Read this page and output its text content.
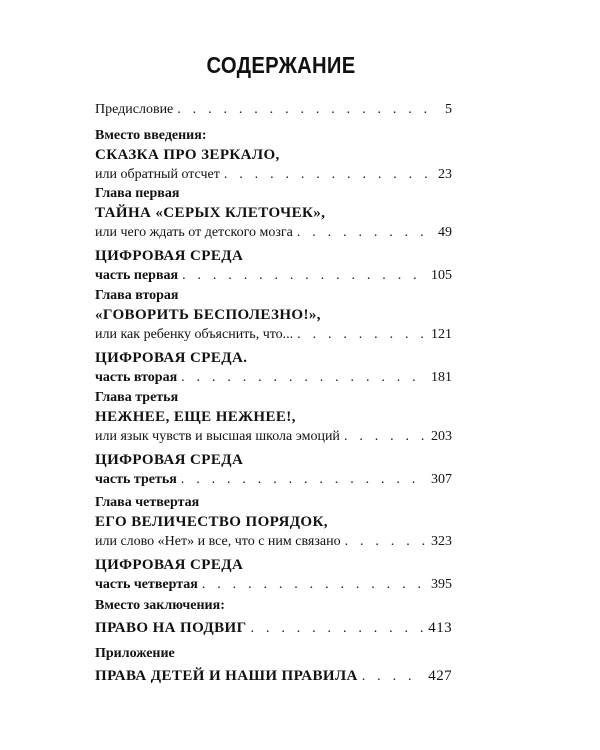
СОДЕРЖАНИЕ
Предисловие . . .	5
Вместо введения:
СКАЗКА ПРО ЗЕРКАЛО,
или обратный отсчет . . .	23
Глава первая
ТАЙНА «СЕРЫХ КЛЕТОЧЕК»,
или чего ждать от детского мозга . . .	49
ЦИФРОВАЯ СРЕДА
часть первая . . .	105
Глава вторая
«ГОВОРИТЬ БЕСПОЛЕЗНО!»,
или как ребенку объяснить, что... . . .	121
ЦИФРОВАЯ СРЕДА.
часть вторая . . .	181
Глава третья
НЕЖНЕЕ, ЕЩЕ НЕЖНЕЕ!,
или язык чувств и высшая школа эмоций . . .	203
ЦИФРОВАЯ СРЕДА
часть третья . . .	307
Глава четвертая
ЕГО ВЕЛИЧЕСТВО ПОРЯДОК,
или слово «Нет» и все, что с ним связано . . .	323
ЦИФРОВАЯ СРЕДА
часть четвертая . . .	395
Вместо заключения:
ПРАВО НА ПОДВИГ . . .	413
Приложение
ПРАВА ДЕТЕЙ И НАШИ ПРАВИЛА . . .	427
